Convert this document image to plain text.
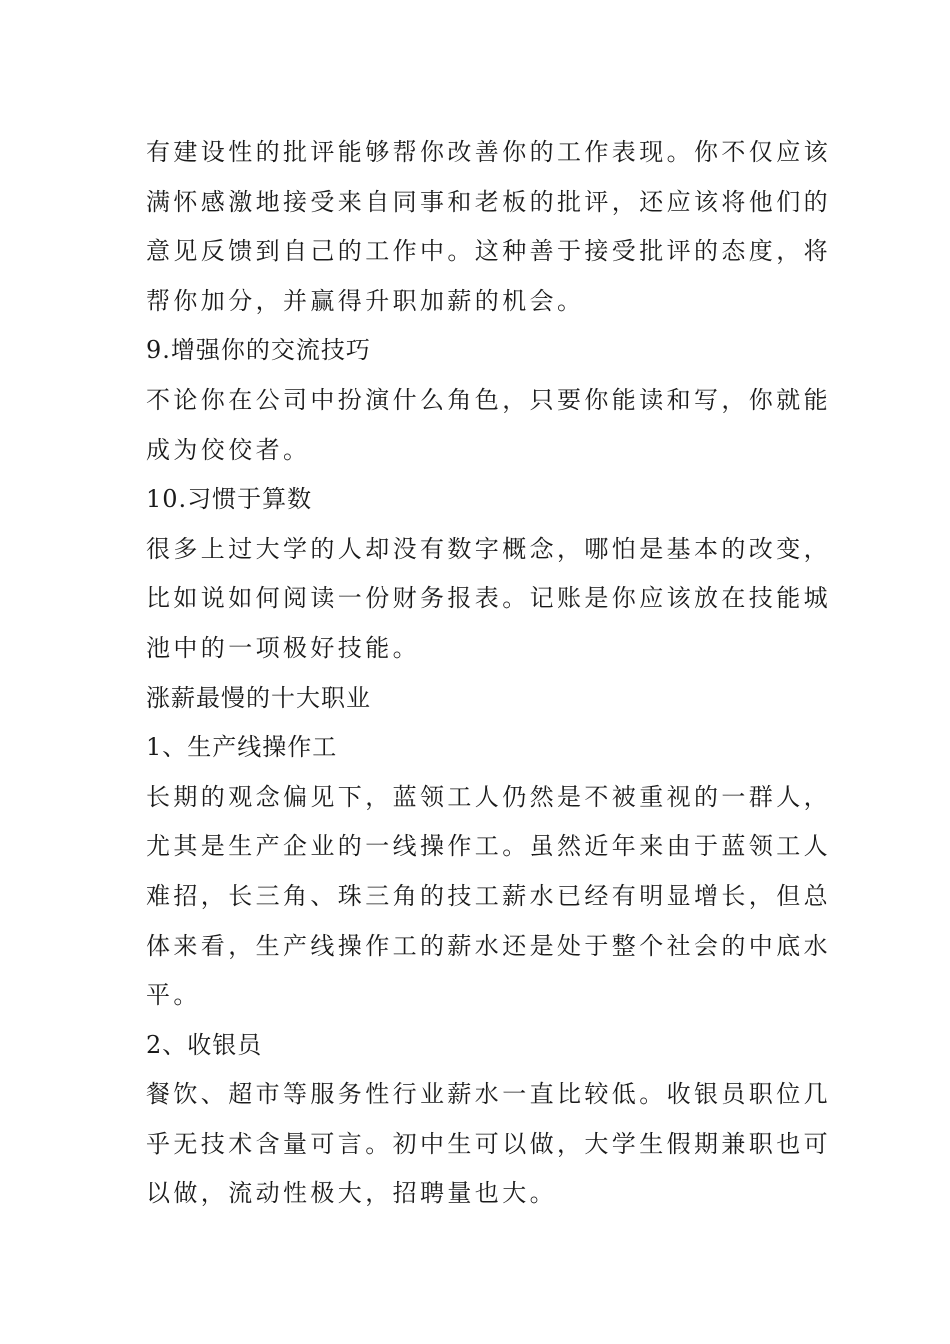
有建设性的批评能够帮你改善你的工作表现。你不仅应该
满怀感激地接受来自同事和老板的批评，还应该将他们的
意见反馈到自己的工作中。这种善于接受批评的态度，将
帮你加分，并赢得升职加薪的机会。
9.增强你的交流技巧
不论你在公司中扮演什么角色，只要你能读和写，你就能
成为佼佼者。
10.习惯于算数
很多上过大学的人却没有数字概念，哪怕是基本的改变，
比如说如何阅读一份财务报表。记账是你应该放在技能城
池中的一项极好技能。
涨薪最慢的十大职业
1、生产线操作工
长期的观念偏见下，蓝领工人仍然是不被重视的一群人，
尤其是生产企业的一线操作工。虽然近年来由于蓝领工人
难招，长三角、珠三角的技工薪水已经有明显增长，但总
体来看，生产线操作工的薪水还是处于整个社会的中底水
平。
2、收银员
餐饮、超市等服务性行业薪水一直比较低。收银员职位几
乎无技术含量可言。初中生可以做，大学生假期兼职也可
以做，流动性极大，招聘量也大。
